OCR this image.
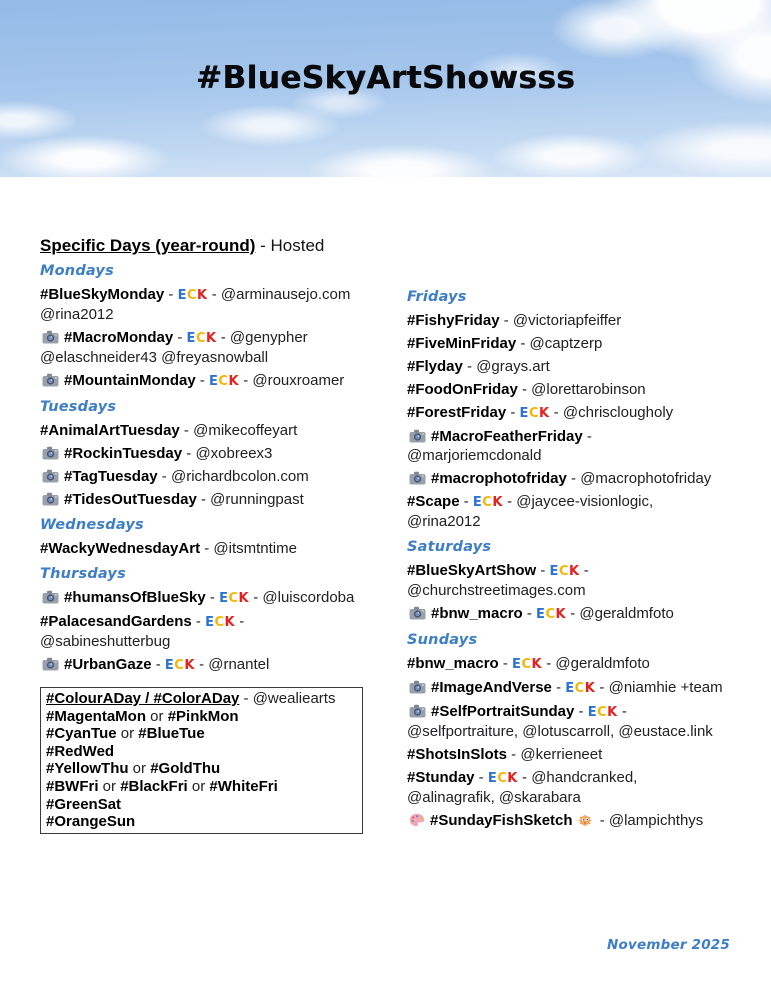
#BlueSkyArtShowsss
Specific Days (year-round) - Hosted
Mondays
#BlueSkyMonday - ECK - @arminausejo.com
@rina2012
#MacroMonday - ECK - @genypher
@elaschneider43 @freyasnowball
#MountainMonday - ECK - @rouxroamer
Tuesdays
#AnimalArtTuesday - @mikecoffeyart
#RockinTuesday - @xobreex3
#TagTuesday - @richardbcolon.com
#TidesOutTuesday - @runningpast
Wednesdays
#WackyWednesdayArt - @itsmtntime
Thursdays
#humansOfBlueSky - ECK - @luiscordoba
#PalacesandGardens - ECK -
@sabineshutterbug
#UrbanGaze - ECK - @rnantel
#ColourADay / #ColorADay - @wealiearts
#MagentaMon or #PinkMon
#CyanTue or #BlueTue
#RedWed
#YellowThu or #GoldThu
#BWFri or #BlackFri or #WhiteFri
#GreenSat
#OrangeSun
Fridays
#FishyFriday - @victoriapfeiffer
#FiveMinFriday - @captzerp
#Flyday - @grays.art
#FoodOnFriday - @lorettarobinson
#ForestFriday - ECK - @chrisclougholy
#MacroFeatherFriday -
@marjoriemcdonald
#macrophotofriday - @macrophotofriday
#Scape - ECK - @jaycee-visionlogic,
@rina2012
Saturdays
#BlueSkyArtShow - ECK -
@churchstreetimages.com
#bnw_macro - ECK - @geraldmfoto
Sundays
#bnw_macro - ECK - @geraldmfoto
#ImageAndVerse - ECK - @niamhie +team
#SelfPortraitSunday - ECK -
@selfportraiture, @lotuscarroll, @eustace.link
#ShotsInSlots - @kerrieneet
#Stunday - ECK - @handcranked,
@alinagrafik, @skarabara
#SundayFishSketch - @lampichthys
November 2025
